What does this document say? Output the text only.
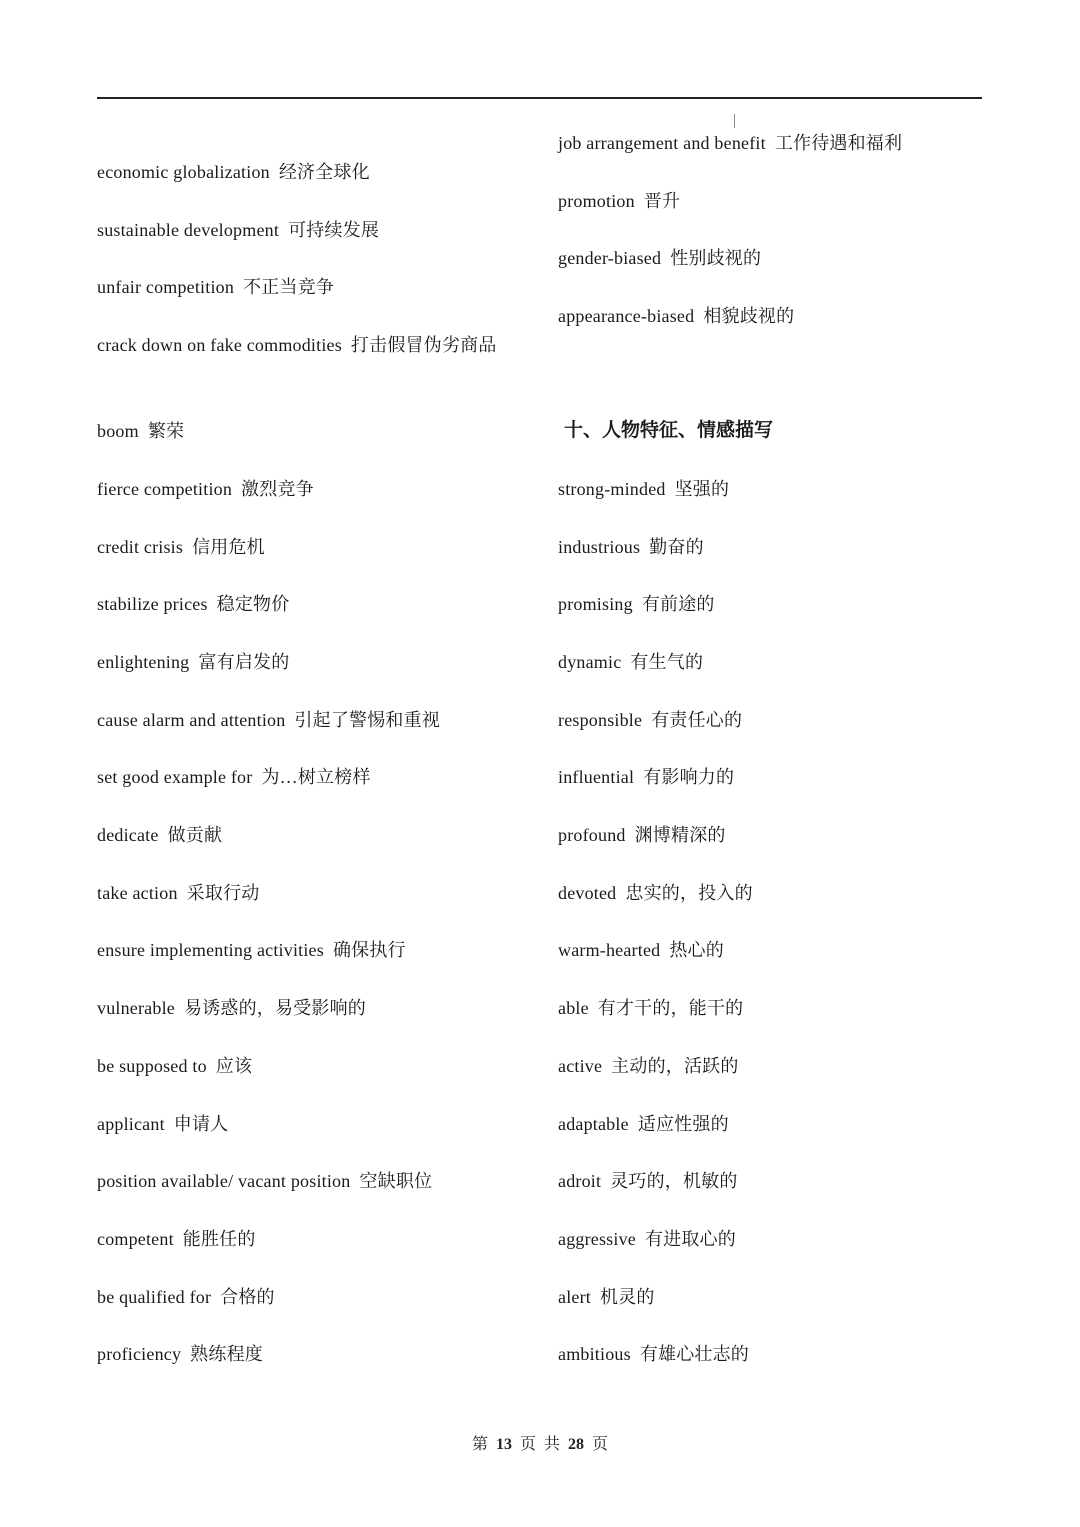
economic globalization 经济全球化
sustainable development 可持续发展
unfair competition 不正当竞争
crack down on fake commodities 打击假冒伪劣商品
boom 繁荣
fierce competition 激烈竞争
credit crisis 信用危机
stabilize prices 稳定物价
enlightening 富有启发的
cause alarm and attention 引起了警惕和重视
set good example for 为…树立榜样
dedicate 做贡献
take action 采取行动
ensure implementing activities 确保执行
vulnerable 易诱惑的，易受影响的
be supposed to 应该
applicant 申请人
position available/ vacant position 空缺职位
competent 能胜任的
be qualified for 合格的
proficiency 熟练程度
job arrangement and benefit 工作待遇和福利
promotion 晋升
gender-biased 性别歧视的
appearance-biased 相貌歧视的
十、人物特征、情感描写
strong-minded 坚强的
industrious 勤奋的
promising 有前途的
dynamic 有生气的
responsible 有责任心的
influential 有影响力的
profound 渊博精深的
devoted 忠实的，投入的
warm-hearted 热心的
able 有才干的，能干的
active 主动的，活跃的
adaptable 适应性强的
adroit 灵巧的，机敏的
aggressive 有进取心的
alert 机灵的
ambitious 有雄心壮志的
第 13 页 共 28 页
